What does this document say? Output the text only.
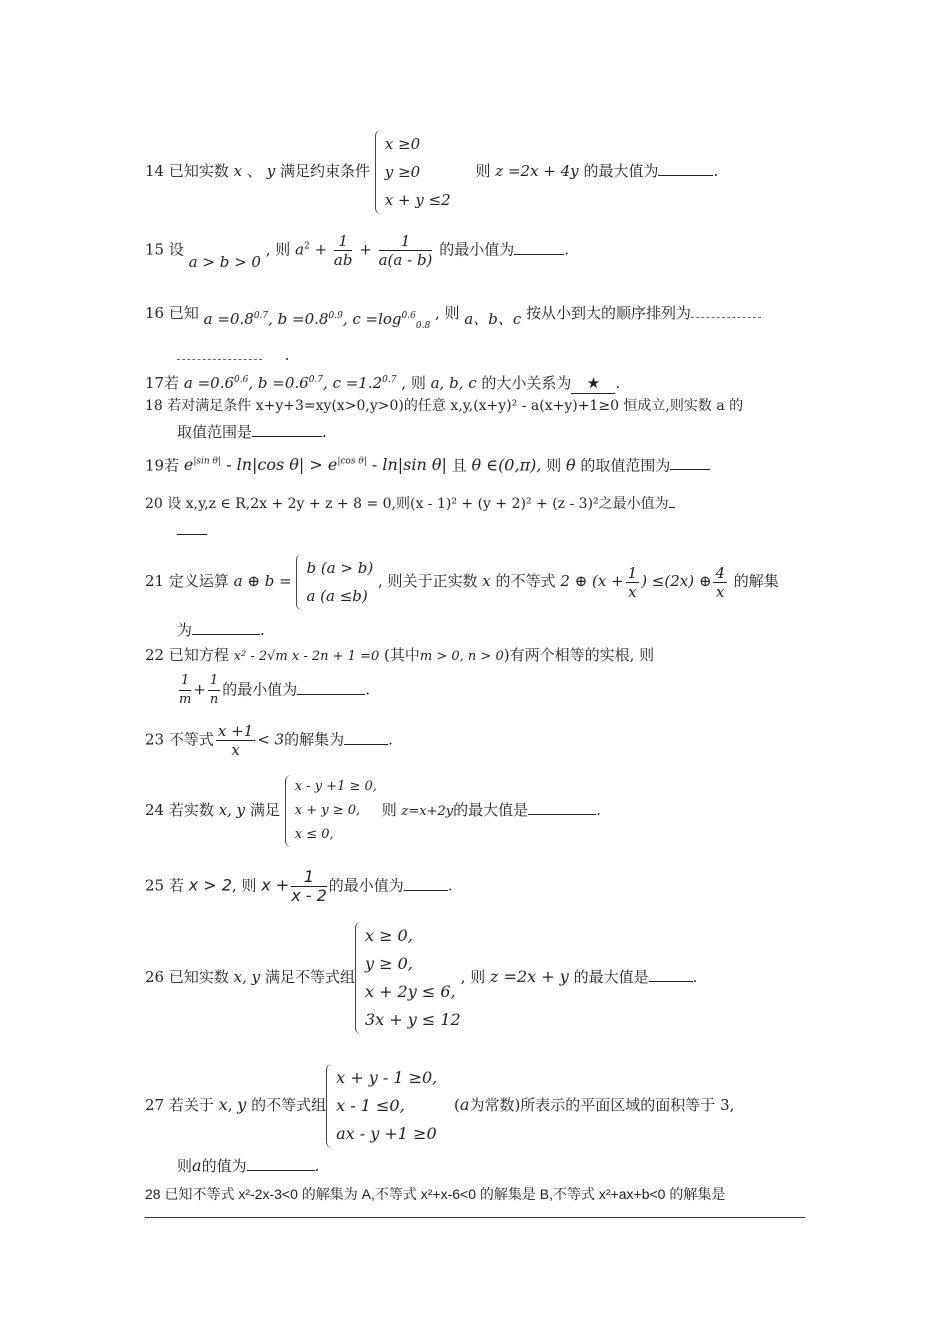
14 已知实数 x 、 y 满足约束条件
x ≥0
y ≥0
x + y ≤2
则 z =2x + 4y 的最大值为	.
15 设 a > b > 0 , 则 $a^2 + \frac{1}{ab} + \frac{1}{a(a - b)}$ 的最小值为	.
16 已知 $a =0.8^{0.7}$, $b =0.8^{0.9}$, $c =\log^{0.6}_{0.8}$ , 则 a、b、c 按从小到大的顺序排列为
.
17若 $a =0.6^{0.6}$, $b =0.6^{0.7}$, $c =1.2^{0.7}$ , 则 a, b, c 的大小关系为 ★ .
18 若对满足条件 x+y+3=xy(x>0,y>0)的任意 x,y,(x+y)² - a(x+y)+1≥0 恒成立,则实数 a 的
取值范围是	.
19若 $e^{|sin \theta|} - \ln|\cos$ $\theta| > e^{|cos \theta|} - \ln|\sin$ θ| 且 θ ∈(0,π), 则 θ 的取值范围为
20 设 x,y,z ∈ R,2x + 2y + z + 8 = 0,则(x - 1)² + (y + 2)² + (z - 3)²之最小值为
21 定义运算 a ⊕ b =
b (a > b)
a (a ≤b)
, 则关于正实数 x 的不等式 2 ⊕ ($x + \frac{1}{x}$ ) ≤(2x) ⊕ $\frac{4}{x}$ 的解集
为	.
22 已知方程 x² - 2√m x - 2n + 1 =0 (其中m > 0, n > 0)有两个相等的实根, 则
$\frac{1}{m} + \frac{1}{n}$ 的最小值为	.
23 不等式 $\frac{x +1}{x} < 3$的解集为	.
24 若实数 x, y 满足
x - y +1 ≥ 0,
x + y ≥ 0,
x ≤ 0,
则 z=x+2y的最大值是	.
25 若 x > 2, 则 $x + \frac{1}{x - 2}$ 的最小值为	.
26 已知实数 x, y 满足不等式组
x ≥ 0,
y ≥ 0,
x + 2y ≤ 6,
3x + y ≤ 12
, 则 z =2x + y 的最大值是	.
27 若关于 x, y 的不等式组
x + y - 1 ≥0,
x - 1 ≤0,
ax - y +1 ≥0
(a为常数)所表示的平面区域的面积等于 3,
则a的值为	.
28 已知不等式 x²-2x-3<0 的解集为 A,不等式 x²+x-6<0 的解集是 B,不等式 x²+ax+b<0 的解集是
